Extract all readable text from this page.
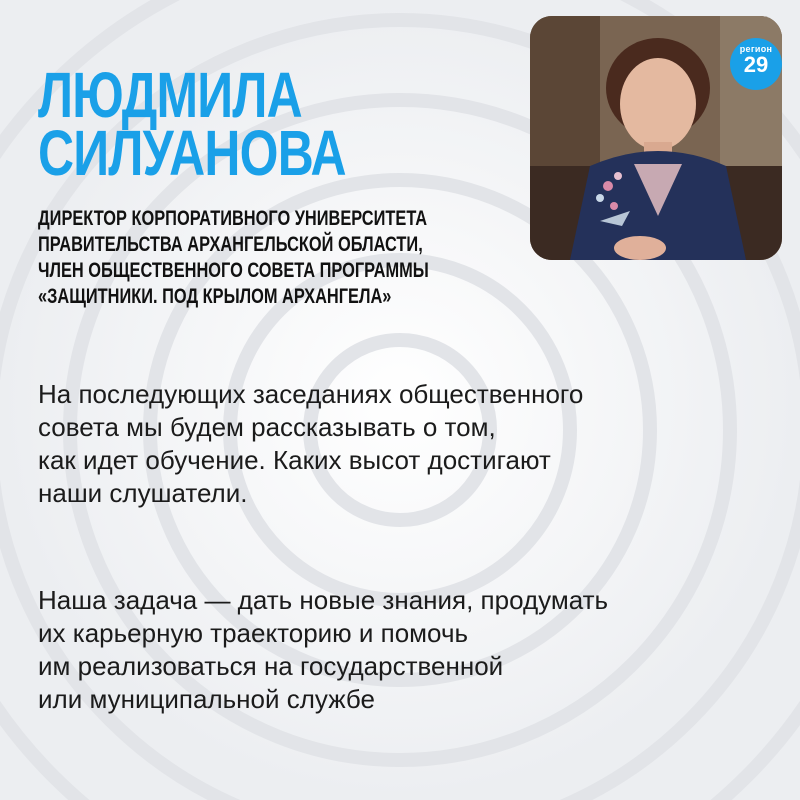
ЛЮДМИЛА
СИЛУАНОВА
ДИРЕКТОР КОРПОРАТИВНОГО УНИВЕРСИТЕТА
ПРАВИТЕЛЬСТВА АРХАНГЕЛЬСКОЙ ОБЛАСТИ,
ЧЛЕН ОБЩЕСТВЕННОГО СОВЕТА ПРОГРАММЫ
«ЗАЩИТНИКИ. ПОД КРЫЛОМ АРХАНГЕЛА»
регион
29
На последующих заседаниях общественного
совета мы будем рассказывать о том,
как идет обучение. Каких высот достигают
наши слушатели.
Наша задача — дать новые знания, продумать
их карьерную траекторию и помочь
им реализоваться на государственной
или муниципальной службе
